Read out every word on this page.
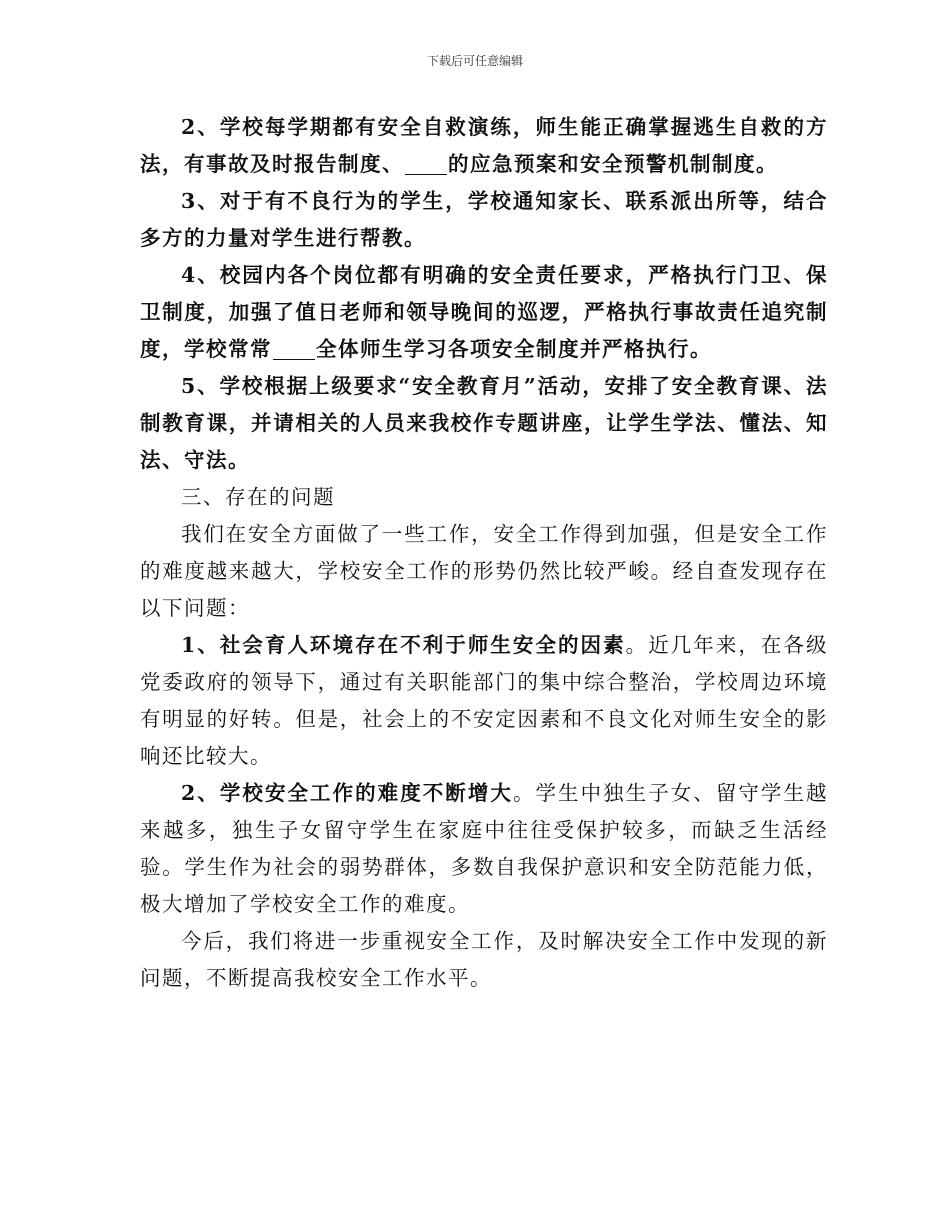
下载后可任意编辑

2、学校每学期都有安全自救演练，师生能正确掌握逃生自救的方法，有事故及时报告制度、 的应急预案和安全预警机制制度。

3、对于有不良行为的学生，学校通知家长、联系派出所等，结合多方的力量对学生进行帮教。

4、校园内各个岗位都有明确的安全责任要求，严格执行门卫、保卫制度，加强了值日老师和领导晚间的巡逻，严格执行事故责任追究制度，学校常常 全体师生学习各项安全制度并严格执行。

5、学校根据上级要求“安全教育月”活动，安排了安全教育课、法制教育课，并请相关的人员来我校作专题讲座，让学生学法、懂法、知法、守法。

三、存在的问题

我们在安全方面做了一些工作，安全工作得到加强，但是安全工作的难度越来越大，学校安全工作的形势仍然比较严峻。经自查发现存在以下问题：

1、社会育人环境存在不利于师生安全的因素。近几年来，在各级党委政府的领导下，通过有关职能部门的集中综合整治，学校周边环境有明显的好转。但是，社会上的不安定因素和不良文化对师生安全的影响还比较大。

2、学校安全工作的难度不断增大。学生中独生子女、留守学生越来越多，独生子女留守学生在家庭中往往受保护较多，而缺乏生活经验。学生作为社会的弱势群体，多数自我保护意识和安全防范能力低，极大增加了学校安全工作的难度。

今后，我们将进一步重视安全工作，及时解决安全工作中发现的新问题，不断提高我校安全工作水平。
